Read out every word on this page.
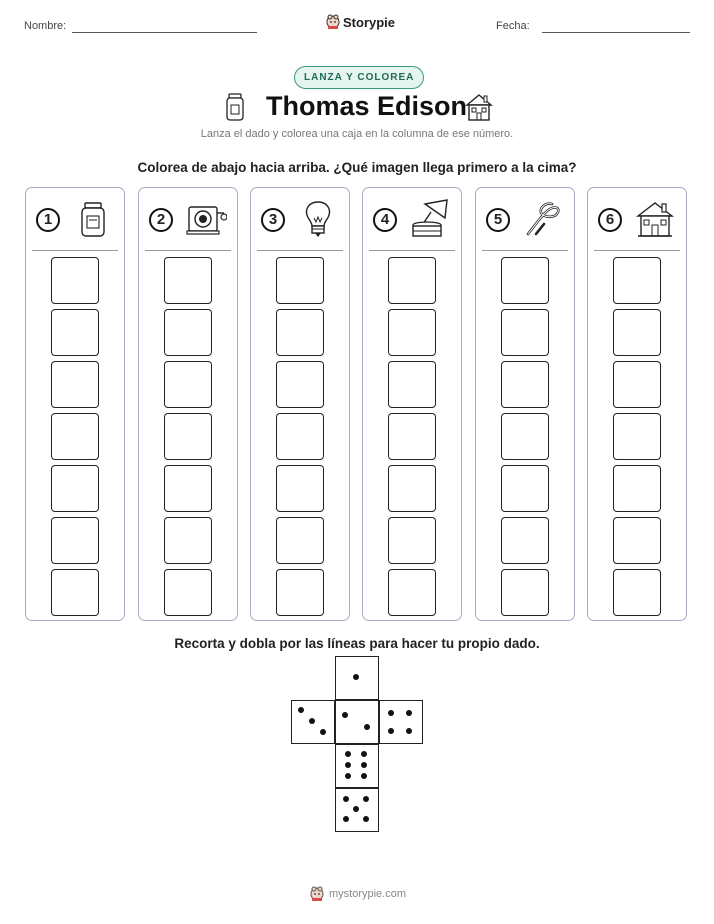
Nombre:	Storypie	Fecha:
LANZA Y COLOREA
Thomas Edison
Lanza el dado y colorea una caja en la columna de ese número.
Colorea de abajo hacia arriba. ¿Qué imagen llega primero a la cima?
1	2	3	4	5	6
Recorta y dobla por las líneas para hacer tu propio dado.
mystorypie.com
